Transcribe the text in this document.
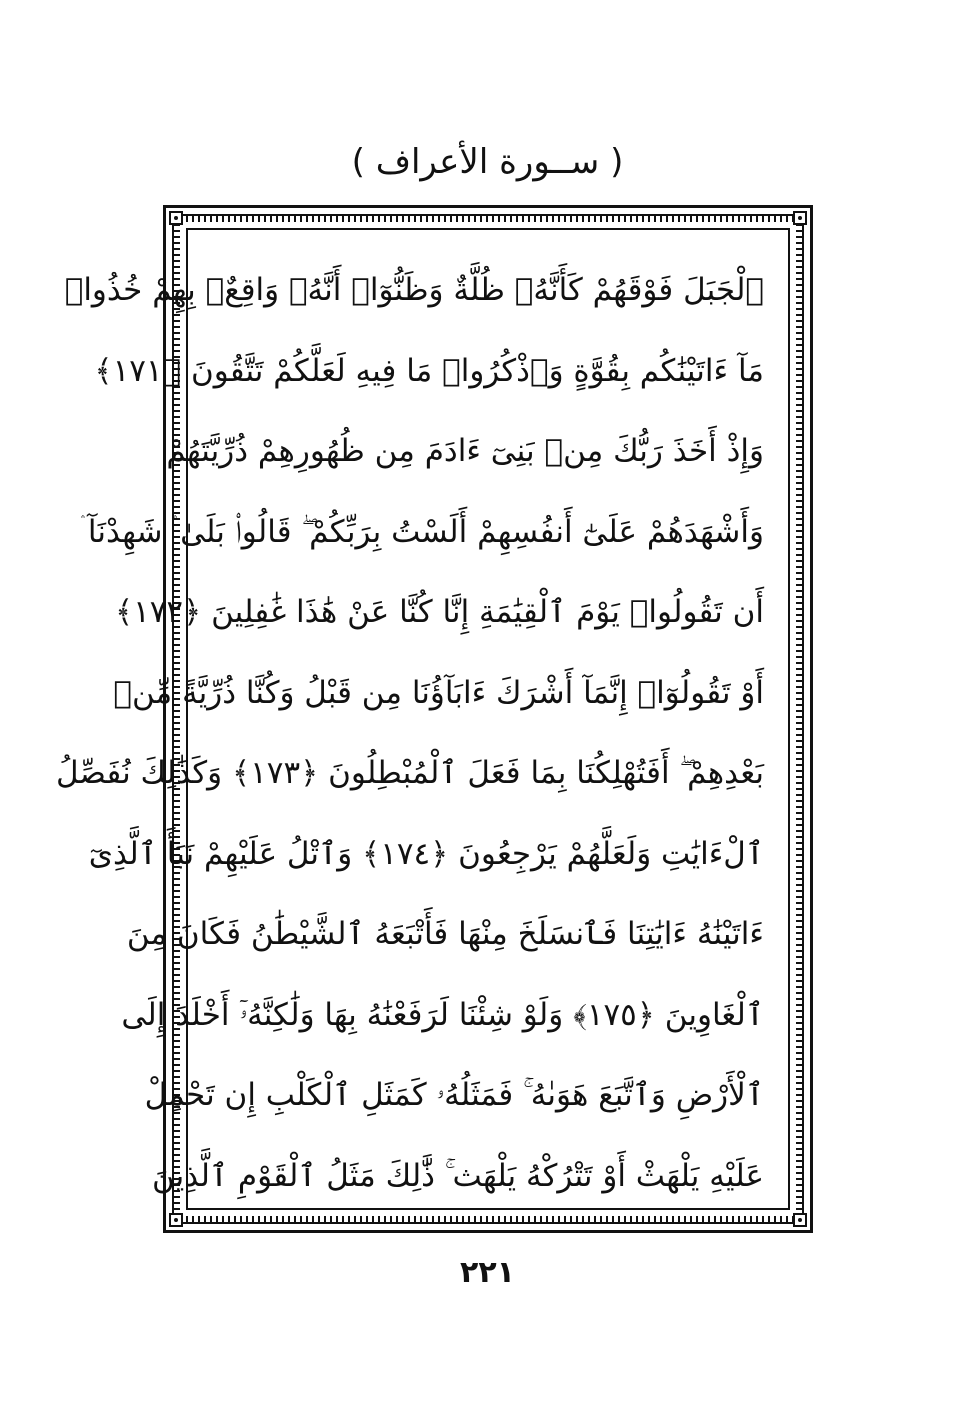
( ســورة الأعراف )
ٱلْجَبَلَ فَوْقَهُمْ كَأَنَّهُۥ ظُلَّةٌ وَظَنُّوٓا۟ أَنَّهُۥ وَاقِعٌۢ بِهِمْ خُذُوا۟
مَآ ءَاتَيْنَٰكُم بِقُوَّةٍ وَٱذْكُرُوا۟ مَا فِيهِ لَعَلَّكُمْ تَتَّقُونَ ﴿١٧١﴾
وَإِذْ أَخَذَ رَبُّكَ مِنۢ بَنِىٓ ءَادَمَ مِن ظُهُورِهِمْ ذُرِّيَّتَهُمْ
وَأَشْهَدَهُمْ عَلَىٰٓ أَنفُسِهِمْ أَلَسْتُ بِرَبِّكُمْ ۖ قَالُوا۟ بَلَىٰ ۛ شَهِدْنَآ ۛ
أَن تَقُولُوا۟ يَوْمَ ٱلْقِيَٰمَةِ إِنَّا كُنَّا عَنْ هَٰذَا غَٰفِلِينَ ﴿١٧٢﴾
أَوْ تَقُولُوٓا۟ إِنَّمَآ أَشْرَكَ ءَابَآؤُنَا مِن قَبْلُ وَكُنَّا ذُرِّيَّةً مِّنۢ
بَعْدِهِمْ ۖ أَفَتُهْلِكُنَا بِمَا فَعَلَ ٱلْمُبْطِلُونَ ﴿١٧٣﴾ وَكَذَٰلِكَ نُفَصِّلُ
ٱلْءَايَٰتِ وَلَعَلَّهُمْ يَرْجِعُونَ ﴿١٧٤﴾ وَٱتْلُ عَلَيْهِمْ نَبَأَ ٱلَّذِىٓ
ءَاتَيْنَٰهُ ءَايَٰتِنَا فَٱنسَلَخَ مِنْهَا فَأَتْبَعَهُ ٱلشَّيْطَٰنُ فَكَانَ مِنَ
ٱلْغَاوِينَ ﴿١٧٥﴾ وَلَوْ شِئْنَا لَرَفَعْنَٰهُ بِهَا وَلَٰكِنَّهُۥٓ أَخْلَدَ إِلَى
ٱلْأَرْضِ وَٱتَّبَعَ هَوَىٰهُ ۚ فَمَثَلُهُۥ كَمَثَلِ ٱلْكَلْبِ إِن تَحْمِلْ
عَلَيْهِ يَلْهَثْ أَوْ تَتْرُكْهُ يَلْهَث ۚ ذَّٰلِكَ مَثَلُ ٱلْقَوْمِ ٱلَّذِينَ
٢٢١
